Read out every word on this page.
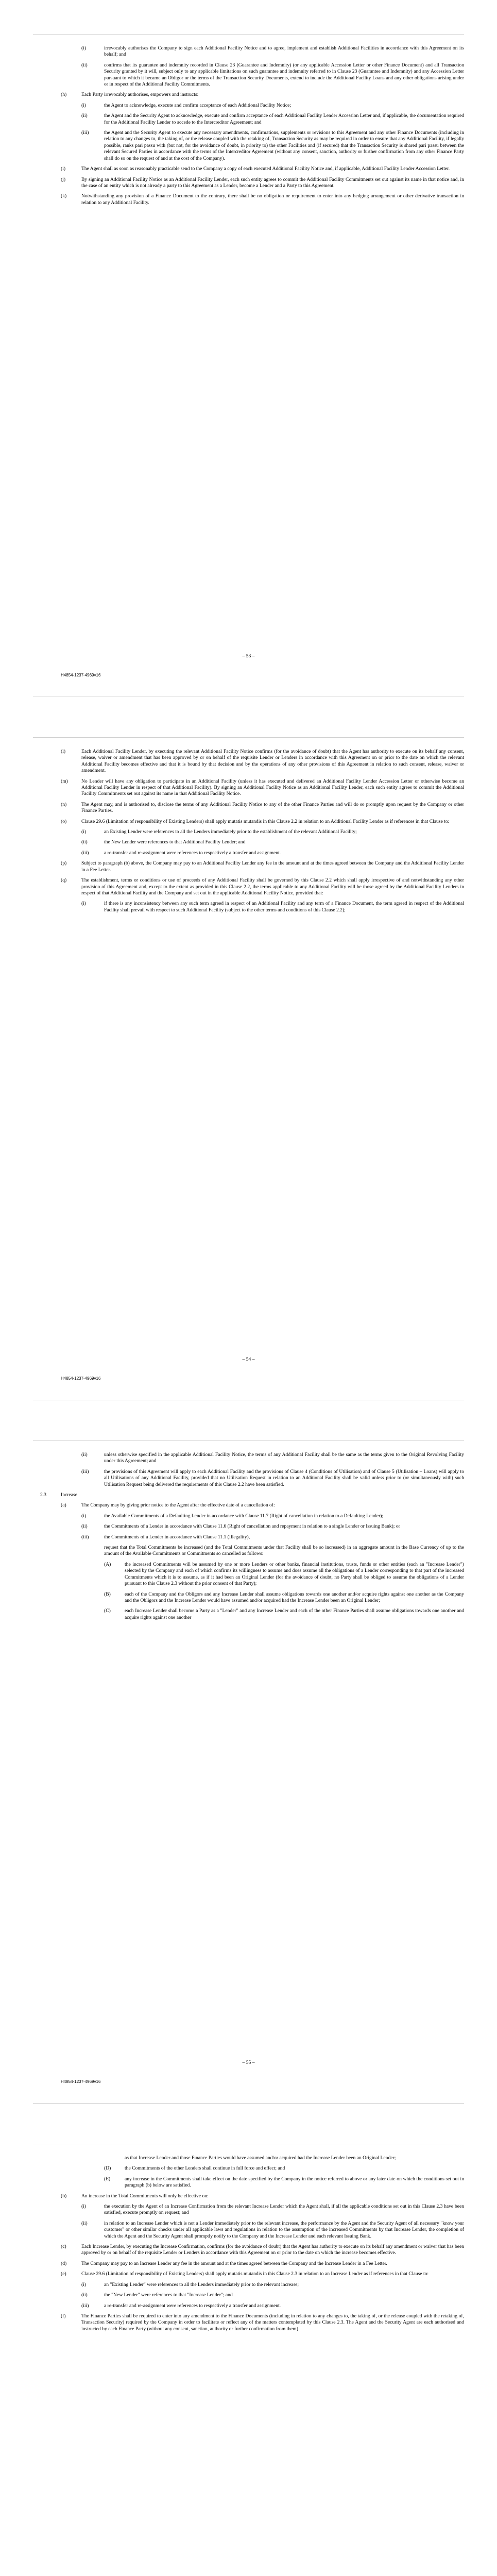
(i)	irrevocably authorises the Company to sign each Additional Facility Notice and to agree, implement and establish Additional Facilities in accordance with this Agreement on its behalf; and
(ii)	confirms that its guarantee and indemnity recorded in Clause 23 (Guarantee and Indemnity) (or any applicable Accession Letter or other Finance Document) and all Transaction Security granted by it will, subject only to any applicable limitations on such guarantee and indemnity referred to in Clause 23 (Guarantee and Indemnity) and any Accession Letter pursuant to which it became an Obligor or the terms of the Transaction Security Documents, extend to include the Additional Facility Loans and any other obligations arising under or in respect of the Additional Facility Commitments.
(h)	Each Party irrevocably authorises, empowers and instructs:
(i)	the Agent to acknowledge, execute and confirm acceptance of each Additional Facility Notice;
(ii)	the Agent and the Security Agent to acknowledge, execute and confirm acceptance of each Additional Facility Lender Accession Letter and, if applicable, the documentation required for the Additional Facility Lender to accede to the Intercreditor Agreement; and
(iii)	the Agent and the Security Agent to execute any necessary amendments, confirmations, supplements or revisions to this Agreement and any other Finance Documents (including in relation to any changes to, the taking of, or the release coupled with the retaking of, Transaction Security as may be required in order to ensure that any Additional Facility, if legally possible, ranks pari passu with (but not, for the avoidance of doubt, in priority to) the other Facilities and (if secured) that the Transaction Security is shared pari passu between the relevant Secured Parties in accordance with the terms of the Intercreditor Agreement (without any consent, sanction, authority or further confirmation from any other Finance Party shall do so on the request of and at the cost of the Company).
(i)	The Agent shall as soon as reasonably practicable send to the Company a copy of each executed Additional Facility Notice and, if applicable, Additional Facility Lender Accession Letter.
(j)	By signing an Additional Facility Notice as an Additional Facility Lender, each such entity agrees to commit the Additional Facility Commitments set out against its name in that notice and, in the case of an entity which is not already a party to this Agreement as a Lender, become a Lender and a Party to this Agreement.
(k)	Notwithstanding any provision of a Finance Document to the contrary, there shall be no obligation or requirement to enter into any hedging arrangement or other derivative transaction in relation to any Additional Facility.
– 53 –
H4854-1237-4969v16
(l)	Each Additional Facility Lender, by executing the relevant Additional Facility Notice confirms (for the avoidance of doubt) that the Agent has authority to execute on its behalf any consent, release, waiver or amendment that has been approved by or on behalf of the requisite Lender or Lenders in accordance with this Agreement on or prior to the date on which the relevant Additional Facility becomes effective and that it is bound by that decision and by the operations of any other provisions of this Agreement in relation to such consent, release, waiver or amendment.
(m)	No Lender will have any obligation to participate in an Additional Facility (unless it has executed and delivered an Additional Facility Lender Accession Letter or otherwise become an Additional Facility Lender in respect of that Additional Facility). By signing an Additional Facility Notice as an Additional Facility Lender, each such entity agrees to commit the Additional Facility Commitments set out against its name in that Additional Facility Notice.
(n)	The Agent may, and is authorised to, disclose the terms of any Additional Facility Notice to any of the other Finance Parties and will do so promptly upon request by the Company or other Finance Parties.
(o)	Clause 29.6 (Limitation of responsibility of Existing Lenders) shall apply mutatis mutandis in this Clause 2.2 in relation to an Additional Facility Lender as if references in that Clause to:
(i)	an Existing Lender were references to all the Lenders immediately prior to the establishment of the relevant Additional Facility;
(ii)	the New Lender were references to that Additional Facility Lender; and
(iii)	a re-transfer and re-assignment were references to respectively a transfer and assignment.
(p)	Subject to paragraph (b) above, the Company may pay to an Additional Facility Lender any fee in the amount and at the times agreed between the Company and the Additional Facility Lender in a Fee Letter.
(q)	The establishment, terms or conditions or use of proceeds of any Additional Facility shall be governed by this Clause 2.2 which shall apply irrespective of and notwithstanding any other provision of this Agreement and, except to the extent as provided in this Clause 2.2, the terms applicable to any Additional Facility will be those agreed by the Additional Facility Lenders in respect of that Additional Facility and the Company and set out in the applicable Additional Facility Notice, provided that:
(i)	if there is any inconsistency between any such term agreed in respect of an Additional Facility and any term of a Finance Document, the term agreed in respect of the Additional Facility shall prevail with respect to such Additional Facility (subject to the other terms and conditions of this Clause 2.2);
– 54 –
H4854-1237-4969v16
(ii)	unless otherwise specified in the applicable Additional Facility Notice, the terms of any Additional Facility shall be the same as the terms given to the Original Revolving Facility under this Agreement; and
(iii)	the provisions of this Agreement will apply to each Additional Facility and the provisions of Clause 4 (Conditions of Utilisation) and of Clause 5 (Utilisation – Loans) will apply to all Utilisations of any Additional Facility, provided that no Utilisation Request in relation to an Additional Facility shall be valid unless prior to (or simultaneously with) such Utilisation Request being delivered the requirements of this Clause 2.2 have been satisfied.
2.3	Increase
(a)	The Company may by giving prior notice to the Agent after the effective date of a cancellation of:
(i)	the Available Commitments of a Defaulting Lender in accordance with Clause 11.7 (Right of cancellation in relation to a Defaulting Lender);
(ii)	the Commitments of a Lender in accordance with Clause 11.6 (Right of cancellation and repayment in relation to a single Lender or Issuing Bank); or
(iii)	the Commitments of a Lender in accordance with Clause 11.1 (Illegality),
request that the Total Commitments be increased (and the Total Commitments under that Facility shall be so increased) in an aggregate amount in the Base Currency of up to the amount of the Available Commitments or Commitments so cancelled as follows:
(A)	the increased Commitments will be assumed by one or more Lenders or other banks, financial institutions, trusts, funds or other entities (each an "Increase Lender") selected by the Company and each of which confirms its willingness to assume and does assume all the obligations of a Lender corresponding to that part of the increased Commitments which it is to assume, as if it had been an Original Lender (for the avoidance of doubt, no Party shall be obliged to assume the obligations of a Lender pursuant to this Clause 2.3 without the prior consent of that Party);
(B)	each of the Company and the Obligors and any Increase Lender shall assume obligations towards one another and/or acquire rights against one another as the Company and the Obligors and the Increase Lender would have assumed and/or acquired had the Increase Lender been an Original Lender;
(C)	each Increase Lender shall become a Party as a "Lender" and any Increase Lender and each of the other Finance Parties shall assume obligations towards one another and acquire rights against one another
– 55 –
H4854-1237-4969v16
as that Increase Lender and those Finance Parties would have assumed and/or acquired had the Increase Lender been an Original Lender;
(D)	the Commitments of the other Lenders shall continue in full force and effect; and
(E)	any increase in the Commitments shall take effect on the date specified by the Company in the notice referred to above or any later date on which the conditions set out in paragraph (b) below are satisfied.
(b)	An increase in the Total Commitments will only be effective on:
(i)	the execution by the Agent of an Increase Confirmation from the relevant Increase Lender which the Agent shall, if all the applicable conditions set out in this Clause 2.3 have been satisfied, execute promptly on request; and
(ii)	in relation to an Increase Lender which is not a Lender immediately prior to the relevant increase, the performance by the Agent and the Security Agent of all necessary "know your customer" or other similar checks under all applicable laws and regulations in relation to the assumption of the increased Commitments by that Increase Lender, the completion of which the Agent and the Security Agent shall promptly notify to the Company and the Increase Lender and each relevant Issuing Bank.
(c)	Each Increase Lender, by executing the Increase Confirmation, confirms (for the avoidance of doubt) that the Agent has authority to execute on its behalf any amendment or waiver that has been approved by or on behalf of the requisite Lender or Lenders in accordance with this Agreement on or prior to the date on which the increase becomes effective.
(d)	The Company may pay to an Increase Lender any fee in the amount and at the times agreed between the Company and the Increase Lender in a Fee Letter.
(e)	Clause 29.6 (Limitation of responsibility of Existing Lenders) shall apply mutatis mutandis in this Clause 2.3 in relation to an Increase Lender as if references in that Clause to:
(i)	an "Existing Lender" were references to all the Lenders immediately prior to the relevant increase;
(ii)	the "New Lender" were references to that "Increase Lender"; and
(iii)	a re-transfer and re-assignment were references to respectively a transfer and assignment.
(f)	The Finance Parties shall be required to enter into any amendment to the Finance Documents (including in relation to any changes to, the taking of, or the release coupled with the retaking of, Transaction Security) required by the Company in order to facilitate or reflect any of the matters contemplated by this Clause 2.3. The Agent and the Security Agent are each authorised and instructed by each Finance Party (without any consent, sanction, authority or further confirmation from them)
